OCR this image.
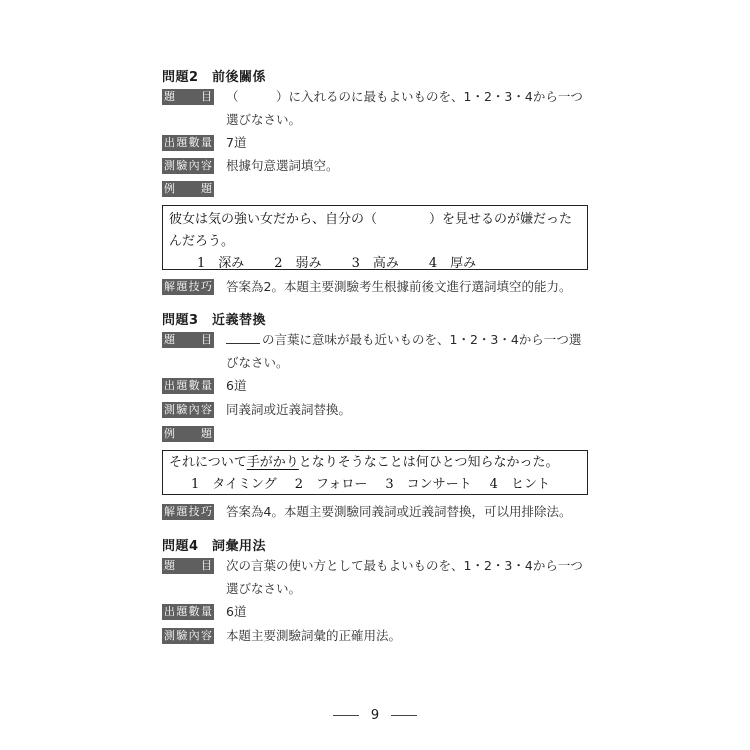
問題2　前後關係
題　目 （　　　）に入れるのに最もよいものを、1・2・3・4から一つ選びなさい。
出題數量 7道
測驗內容 根據句意選詞填空。
例　題
彼女は気の強い女だから、自分の（　　　　）を見せるのが嫌だったんだろう。
1　深み 2　弱み 3　高み 4　厚み
解題技巧 答案為2。本題主要測驗考生根據前後文進行選詞填空的能力。
問題3　近義替換
題　目	の言葉に意味が最も近いものを、1・2・3・4から一つ選びなさい。
出題數量 6道
測驗內容 同義詞或近義詞替換。
例　題
それについて手がかりとなりそうなことは何ひとつ知らなかった。
1　タイミング 2　フォロー 3　コンサート 4　ヒント
解題技巧 答案為4。本題主要測驗同義詞或近義詞替換，可以用排除法。
問題4　詞彙用法
題　目 次の言葉の使い方として最もよいものを、1・2・3・4から一つ選びなさい。
出題數量 6道
測驗內容 本題主要測驗詞彙的正確用法。
9
